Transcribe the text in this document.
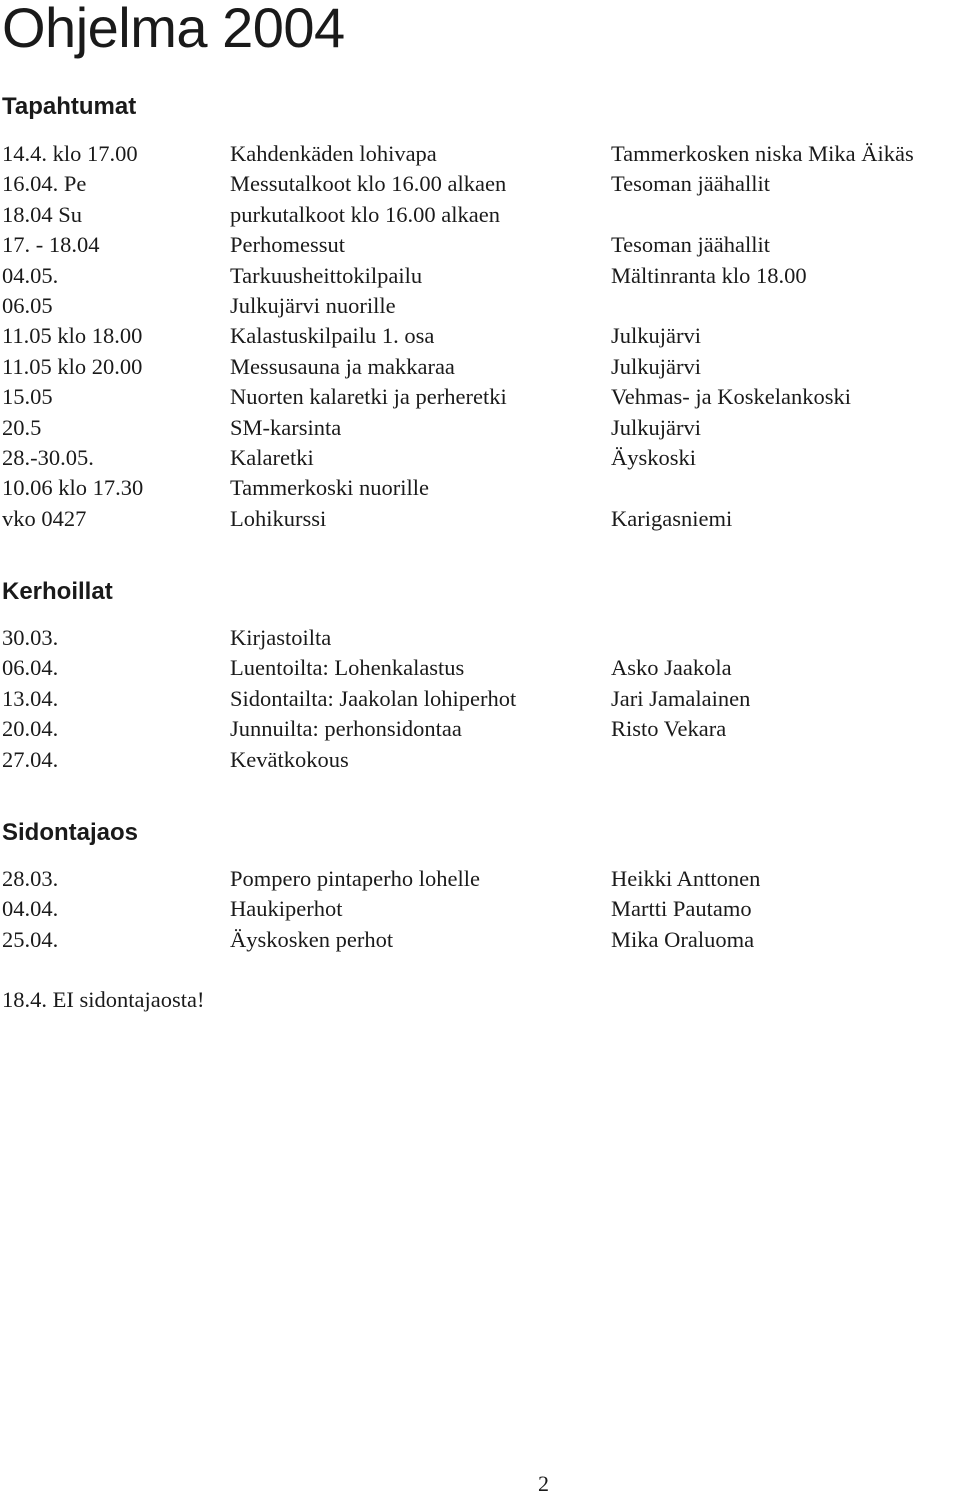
Ohjelma 2004
Tapahtumat
14.4. klo 17.00	Kahdenkäden lohivapa	Tammerkosken niska Mika Äikäs
16.04. Pe	Messutalkoot klo 16.00 alkaen	Tesoman jäähallit
18.04 Su	purkutalkoot klo 16.00 alkaen
17. - 18.04	Perhomessut	Tesoman jäähallit
04.05.	Tarkuusheittokilpailu	Mältinranta klo 18.00
06.05	Julkujärvi nuorille
11.05 klo 18.00	Kalastuskilpailu 1. osa	Julkujärvi
11.05 klo 20.00	Messusauna ja makkaraa	Julkujärvi
15.05	Nuorten kalaretki ja perheretki	Vehmas- ja Koskelankoski
20.5	SM-karsinta	Julkujärvi
28.-30.05.	Kalaretki	Äyskoski
10.06 klo 17.30	Tammerkoski nuorille
vko 0427	Lohikurssi	Karigasniemi
Kerhoillat
30.03.	Kirjastoilta
06.04.	Luentoilta: Lohenkalastus	Asko Jaakola
13.04.	Sidontailta: Jaakolan lohiperhot	Jari Jamalainen
20.04.	Junnuilta: perhonsidontaa	Risto Vekara
27.04.	Kevätkokous
Sidontajaos
28.03.	Pompero pintaperho lohelle	Heikki Anttonen
04.04.	Haukiperhot	Martti Pautamo
25.04.	Äyskosken perhot	Mika Oraluoma
18.4. EI sidontajaosta!
2
